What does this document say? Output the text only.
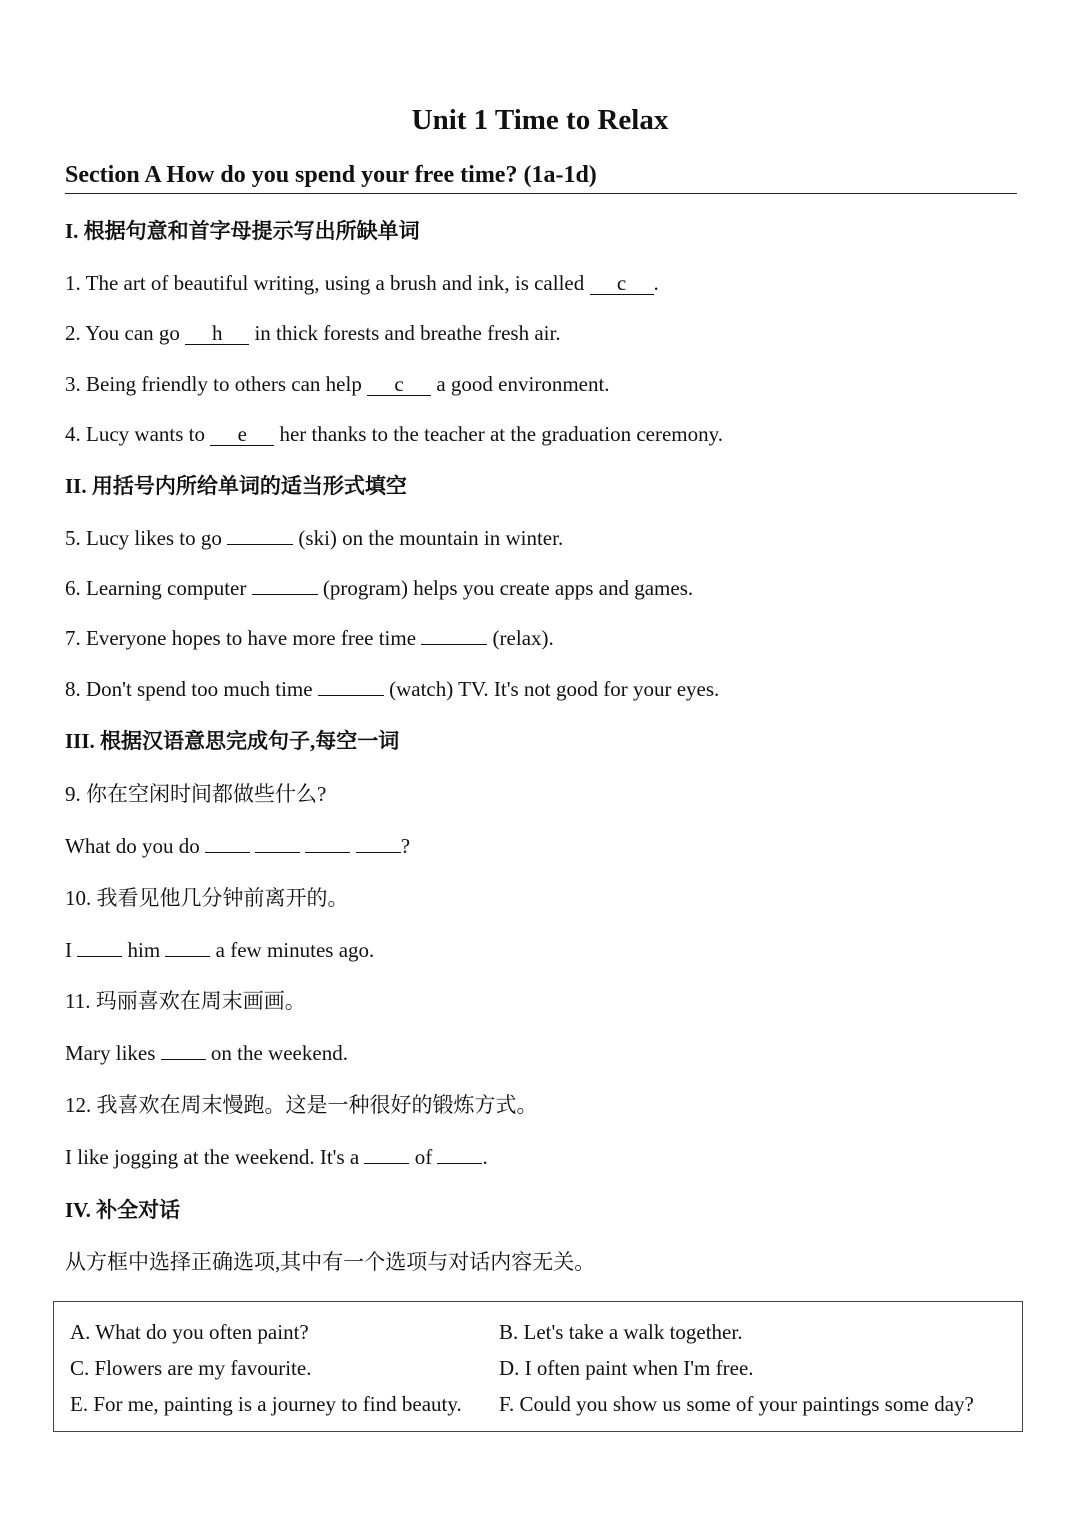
Unit 1 Time to Relax
Section A How do you spend your free time? (1a-1d)
I. 根据句意和首字母提示写出所缺单词
1. The art of beautiful writing, using a brush and ink, is called c .
2. You can go h in thick forests and breathe fresh air.
3. Being friendly to others can help c a good environment.
4. Lucy wants to e her thanks to the teacher at the graduation ceremony.
II. 用括号内所给单词的适当形式填空
5. Lucy likes to go	(ski) on the mountain in winter.
6. Learning computer	(program) helps you create apps and games.
7. Everyone hopes to have more free time	(relax).
8. Don't spend too much time	(watch) TV. It's not good for your eyes.
III. 根据汉语意思完成句子,每空一词
9. 你在空闲时间都做些什么?
What do you do	?
10. 我看见他几分钟前离开的。
I  him  a few minutes ago.
11. 玛丽喜欢在周末画画。
Mary likes  on the weekend.
12. 我喜欢在周末慢跑。这是一种很好的锻炼方式。
I like jogging at the weekend. It's a  of .
IV. 补全对话
从方框中选择正确选项,其中有一个选项与对话内容无关。
A. What do you often paint?	B. Let's take a walk together.
C. Flowers are my favourite.	D. I often paint when I'm free.
E. For me, painting is a journey to find beauty. F. Could you show us some of your paintings some day?
